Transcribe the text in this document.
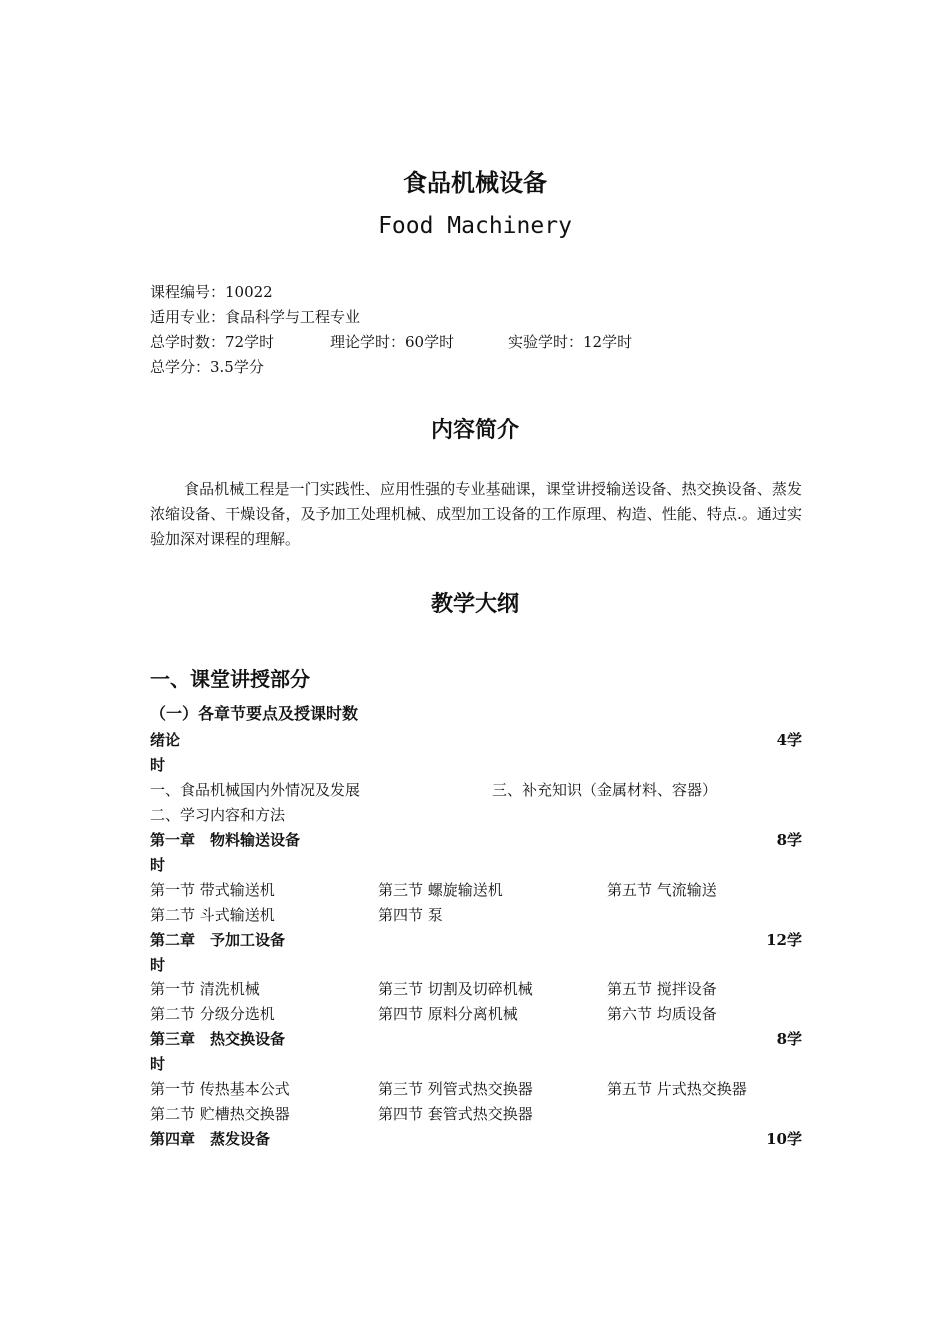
食品机械设备
Food Machinery
课程编号：10022
适用专业：食品科学与工程专业
总学时数：72学时	理论学时：60学时	实验学时：12学时
总学分：3.5学分
内容简介

食品机械工程是一门实践性、应用性强的专业基础课，课堂讲授输送设备、热交换设备、蒸发浓缩设备、干燥设备，及予加工处理机械、成型加工设备的工作原理、构造、性能、特点.。通过实验加深对课程的理解。

教学大纲
一、课堂讲授部分
（一）各章节要点及授课时数
绪论	4学
时
一、食品机械国内外情况及发展	三、补充知识（金属材料、容器）
二、学习内容和方法
第一章　物料输送设备	8学
时
第一节 带式输送机	第三节 螺旋输送机	第五节 气流输送
第二节 斗式输送机	第四节 泵
第二章　予加工设备	12学
时
第一节 清洗机械	第三节 切割及切碎机械	第五节 搅拌设备
第二节 分级分选机	第四节 原料分离机械	第六节 均质设备
第三章　热交换设备	8学
时
第一节 传热基本公式	第三节 列管式热交换器	第五节 片式热交换器
第二节 贮槽热交换器	第四节 套管式热交换器
第四章　蒸发设备	10学
